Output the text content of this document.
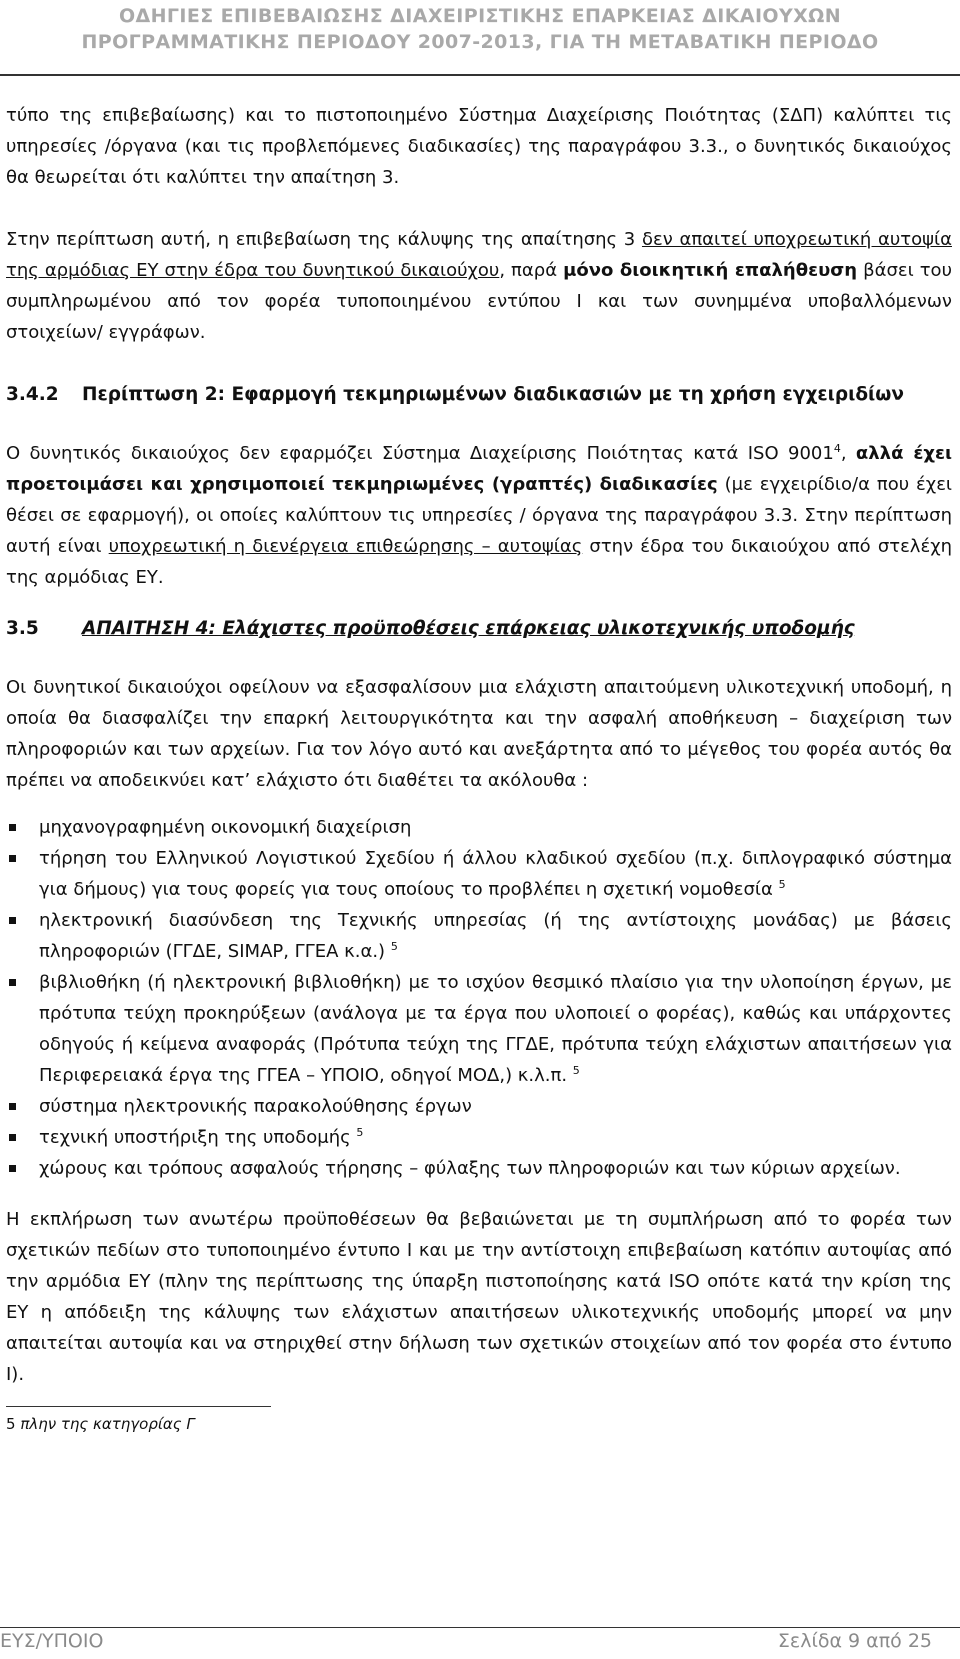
ΟΔΗΓΙΕΣ ΕΠΙΒΕΒΑΙΩΣΗΣ ΔΙΑΧΕΙΡΙΣΤΙΚΗΣ ΕΠΑΡΚΕΙΑΣ ΔΙΚΑΙΟΥΧΩΝ
ΠΡΟΓΡΑΜΜΑΤΙΚΗΣ ΠΕΡΙΟΔΟΥ 2007-2013, ΓΙΑ ΤΗ ΜΕΤΑΒΑΤΙΚΗ ΠΕΡΙΟΔΟ

τύπο της επιβεβαίωσης) και το πιστοποιημένο Σύστημα Διαχείρισης Ποιότητας (ΣΔΠ) καλύπτει τις υπηρεσίες /όργανα (και τις προβλεπόμενες διαδικασίες) της παραγράφου 3.3., ο δυνητικός δικαιούχος θα θεωρείται ότι καλύπτει την απαίτηση 3.

Στην περίπτωση αυτή, η επιβεβαίωση της κάλυψης της απαίτησης 3 δεν απαιτεί υποχρεωτική αυτοψία της αρμόδιας ΕΥ στην έδρα του δυνητικού δικαιούχου, παρά μόνο διοικητική επαλήθευση βάσει του συμπληρωμένου από τον φορέα τυποποιημένου εντύπου Ι και των συνημμένα υποβαλλόμενων στοιχείων/ εγγράφων.

3.4.2	Περίπτωση 2: Εφαρμογή τεκμηριωμένων διαδικασιών με τη χρήση εγχειριδίων

Ο δυνητικός δικαιούχος δεν εφαρμόζει Σύστημα Διαχείρισης Ποιότητας κατά ISO 9001$^4$, αλλά έχει προετοιμάσει και χρησιμοποιεί τεκμηριωμένες (γραπτές) διαδικασίες (με εγχειρίδιο/α που έχει θέσει σε εφαρμογή), οι οποίες καλύπτουν τις υπηρεσίες / όργανα της παραγράφου 3.3. Στην περίπτωση αυτή είναι υποχρεωτική η διενέργεια επιθεώρησης – αυτοψίας στην έδρα του δικαιούχου από στελέχη της αρμόδιας ΕΥ.

3.5	ΑΠΑΙΤΗΣΗ 4: Ελάχιστες προϋποθέσεις επάρκειας υλικοτεχνικής υποδομής

Οι δυνητικοί δικαιούχοι οφείλουν να εξασφαλίσουν μια ελάχιστη απαιτούμενη υλικοτεχνική υποδομή, η οποία θα διασφαλίζει την επαρκή λειτουργικότητα και την ασφαλή αποθήκευση – διαχείριση των πληροφοριών και των αρχείων. Για τον λόγο αυτό και ανεξάρτητα από το μέγεθος του φορέα αυτός θα πρέπει να αποδεικνύει κατ’ ελάχιστο ότι διαθέτει τα ακόλουθα :

μηχανογραφημένη οικονομική διαχείριση
τήρηση του Ελληνικού Λογιστικού Σχεδίου ή άλλου κλαδικού σχεδίου (π.χ. διπλογραφικό σύστημα για δήμους) για τους φορείς για τους οποίους το προβλέπει η σχετική νομοθεσία $^5$
ηλεκτρονική διασύνδεση της Τεχνικής υπηρεσίας (ή της αντίστοιχης μονάδας) με βάσεις πληροφοριών (ΓΓΔΕ, SIMAP, ΓΓΕΑ κ.α.) $^5$
βιβλιοθήκη (ή ηλεκτρονική βιβλιοθήκη) με το ισχύον θεσμικό πλαίσιο για την υλοποίηση έργων, με πρότυπα τεύχη προκηρύξεων (ανάλογα με τα έργα που υλοποιεί ο φορέας), καθώς και υπάρχοντες οδηγούς ή κείμενα αναφοράς (Πρότυπα τεύχη της ΓΓΔΕ, πρότυπα τεύχη ελάχιστων απαιτήσεων για Περιφερειακά έργα της ΓΓΕΑ – ΥΠΟΙΟ, οδηγοί ΜΟΔ,) κ.λ.π. $^5$
σύστημα ηλεκτρονικής παρακολούθησης έργων
τεχνική υποστήριξη της υποδομής $^5$
χώρους και τρόπους ασφαλούς τήρησης – φύλαξης των πληροφοριών και των κύριων αρχείων.

Η εκπλήρωση των ανωτέρω προϋποθέσεων θα βεβαιώνεται με τη συμπλήρωση από το φορέα των σχετικών πεδίων στο τυποποιημένο έντυπο Ι και με την αντίστοιχη επιβεβαίωση κατόπιν αυτοψίας από την αρμόδια ΕΥ (πλην της περίπτωσης της ύπαρξη πιστοποίησης κατά ISO οπότε κατά την κρίση της ΕΥ η απόδειξη της κάλυψης των ελάχιστων απαιτήσεων υλικοτεχνικής υποδομής μπορεί να μην απαιτείται αυτοψία και να στηριχθεί στην δήλωση των σχετικών στοιχείων από τον φορέα στο έντυπο Ι).

5 πλην της κατηγορίας Γ
ΕΥΣ/ΥΠΟΙΟ	Σελίδα 9 από 25
